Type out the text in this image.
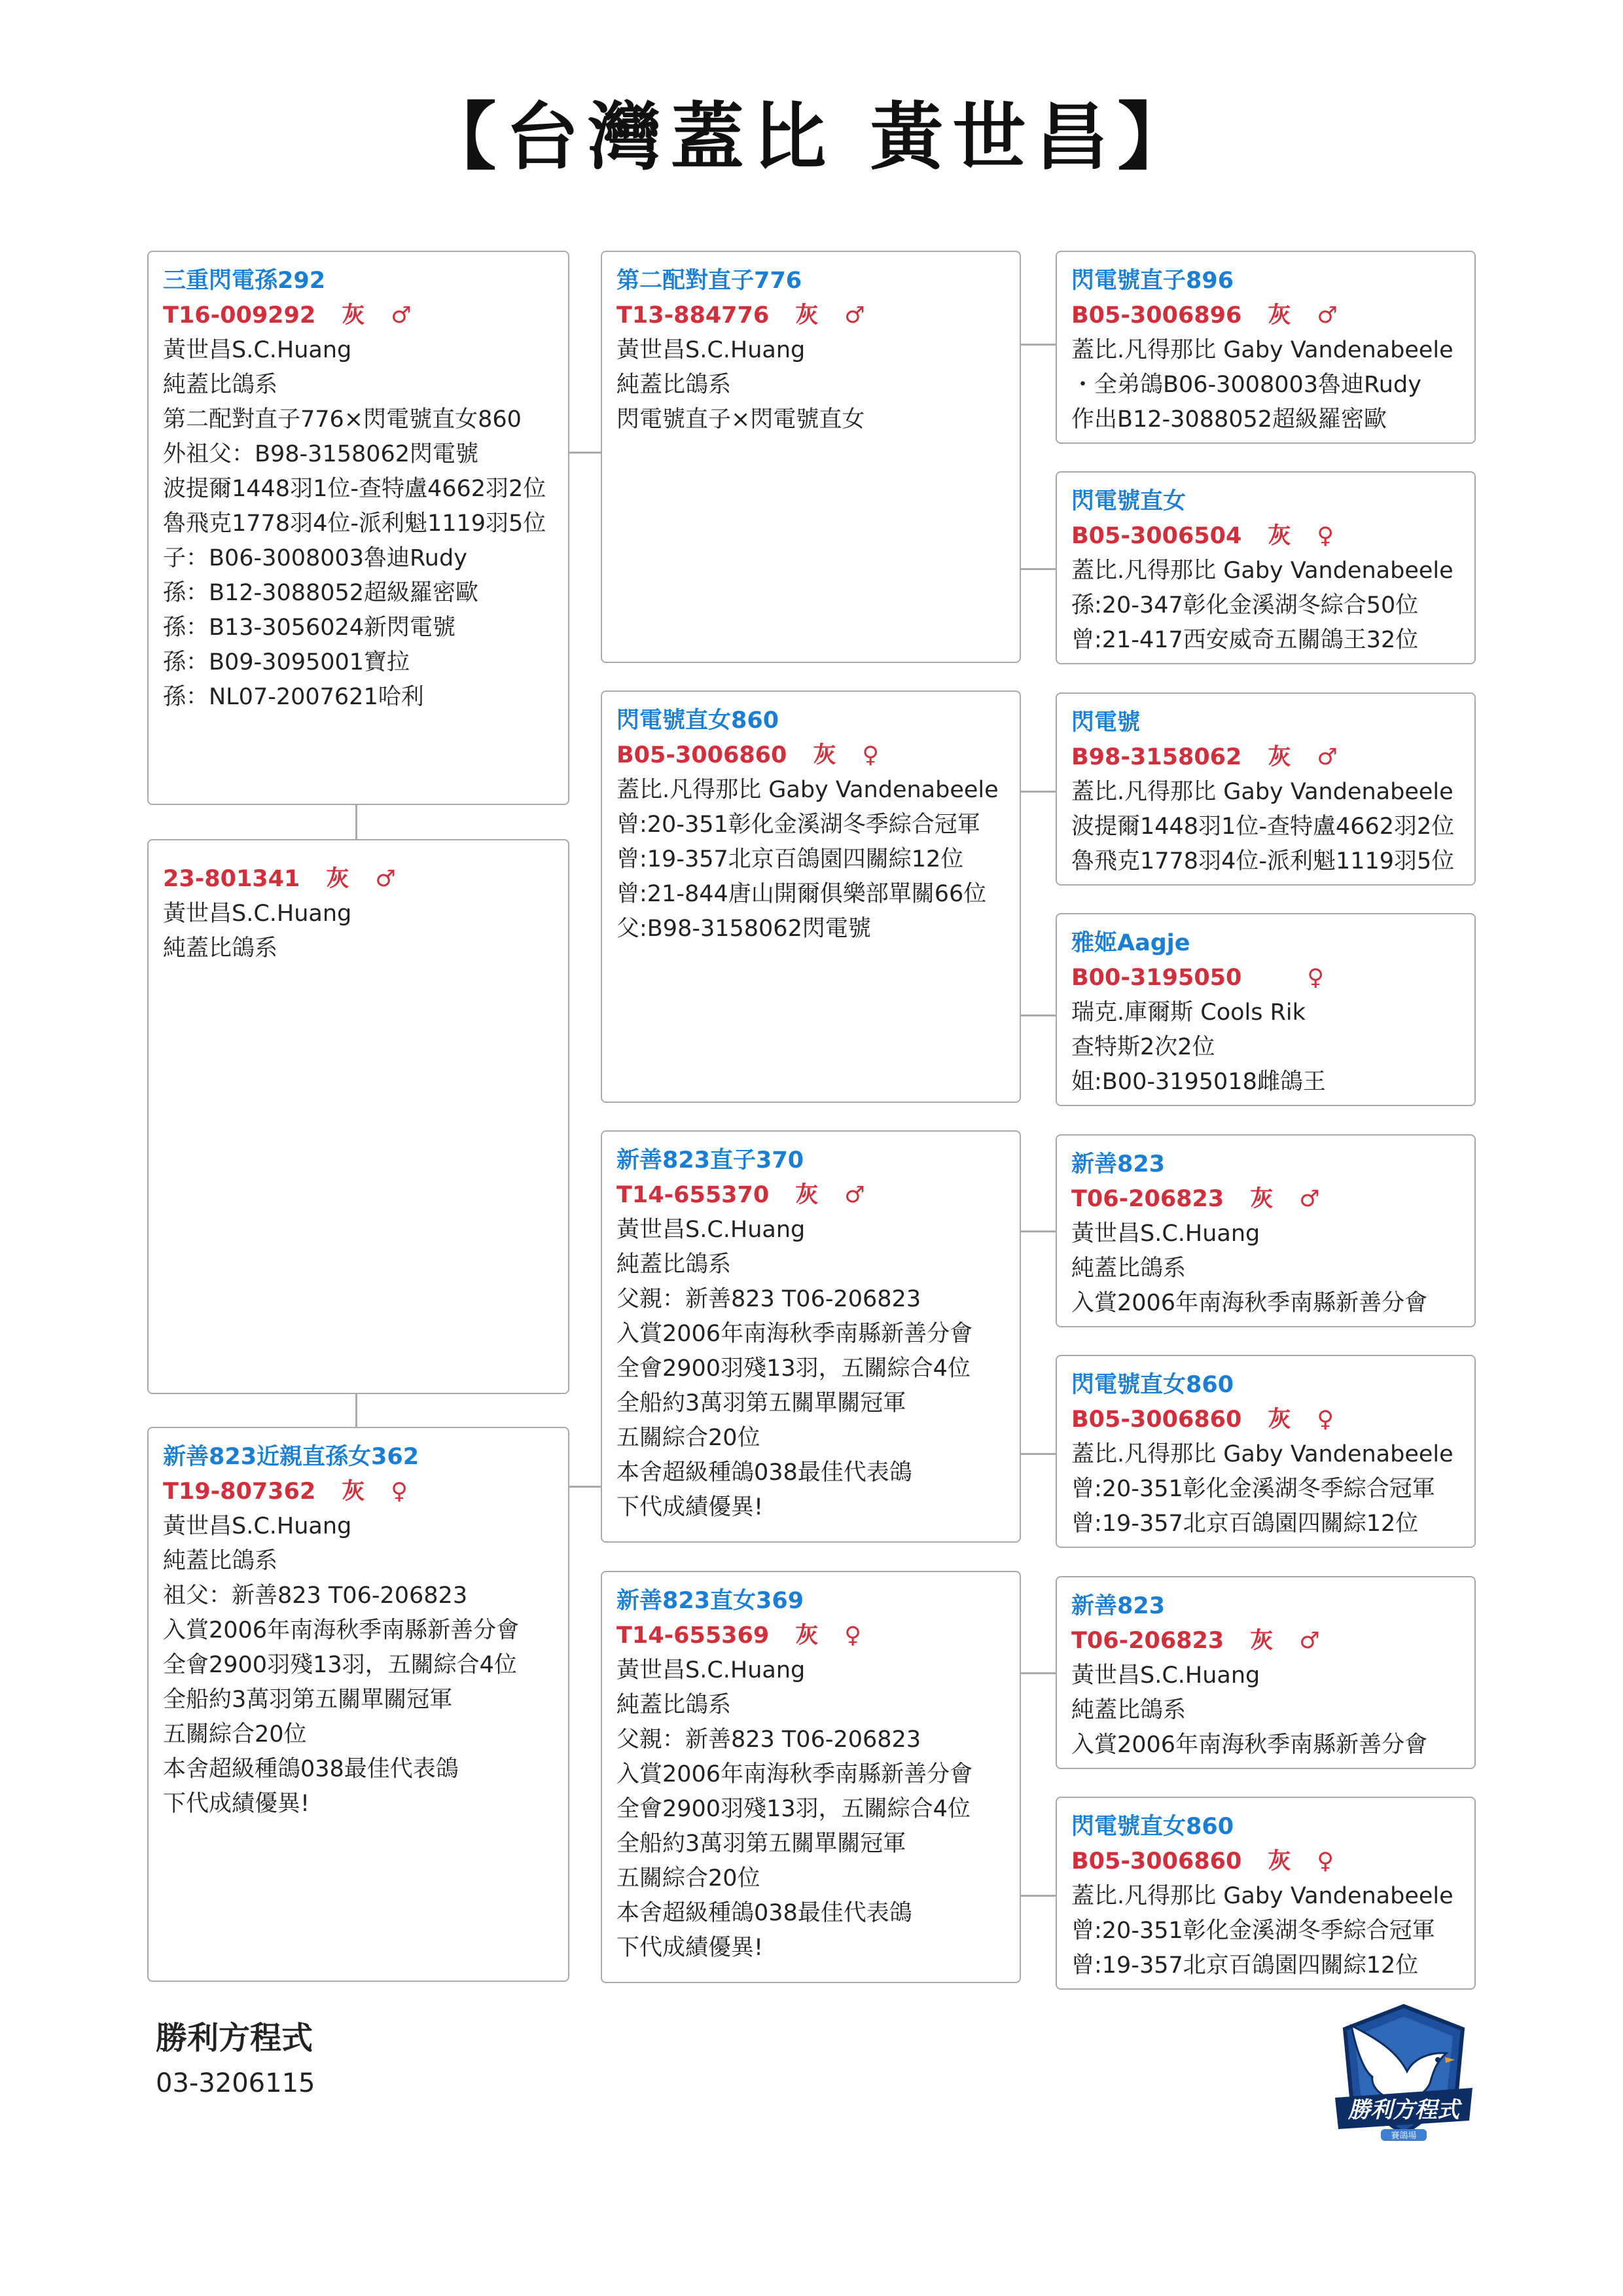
【台灣蓋比 黃世昌】
三重閃電孫292
T16-009292 灰 ♂
黃世昌S.C.Huang
純蓋比鴿系
第二配對直子776×閃電號直女860
外祖父：B98-3158062閃電號
波提爾1448羽1位-查特盧4662羽2位
魯飛克1778羽4位-派利魁1119羽5位
子：B06-3008003魯迪Rudy
孫：B12-3088052超級羅密歐
孫：B13-3056024新閃電號
孫：B09-3095001寶拉
孫：NL07-2007621哈利
23-801341 灰 ♂
黃世昌S.C.Huang
純蓋比鴿系
新善823近親直孫女362
T19-807362 灰 ♀
黃世昌S.C.Huang
純蓋比鴿系
祖父：新善823 T06-206823
入賞2006年南海秋季南縣新善分會
全會2900羽殘13羽，五關綜合4位
全船約3萬羽第五關單關冠軍
五關綜合20位
本舍超級種鴿038最佳代表鴿
下代成績優異!
第二配對直子776
T13-884776 灰 ♂
黃世昌S.C.Huang
純蓋比鴿系
閃電號直子×閃電號直女
閃電號直女860
B05-3006860 灰 ♀
蓋比.凡得那比 Gaby Vandenabeele
曾:20-351彰化金溪湖冬季綜合冠軍
曾:19-357北京百鴿園四關綜12位
曾:21-844唐山開爾俱樂部單關66位
父:B98-3158062閃電號
新善823直子370
T14-655370 灰 ♂
黃世昌S.C.Huang
純蓋比鴿系
父親：新善823 T06-206823
入賞2006年南海秋季南縣新善分會
全會2900羽殘13羽，五關綜合4位
全船約3萬羽第五關單關冠軍
五關綜合20位
本舍超級種鴿038最佳代表鴿
下代成績優異!
新善823直女369
T14-655369 灰 ♀
黃世昌S.C.Huang
純蓋比鴿系
父親：新善823 T06-206823
入賞2006年南海秋季南縣新善分會
全會2900羽殘13羽，五關綜合4位
全船約3萬羽第五關單關冠軍
五關綜合20位
本舍超級種鴿038最佳代表鴿
下代成績優異!
閃電號直子896
B05-3006896 灰 ♂
蓋比.凡得那比 Gaby Vandenabeele
・全弟鴿B06-3008003魯迪Rudy
作出B12-3088052超級羅密歐
閃電號直女
B05-3006504 灰 ♀
蓋比.凡得那比 Gaby Vandenabeele
孫:20-347彰化金溪湖冬綜合50位
曾:21-417西安威奇五關鴿王32位
閃電號
B98-3158062 灰 ♂
蓋比.凡得那比 Gaby Vandenabeele
波提爾1448羽1位-查特盧4662羽2位
魯飛克1778羽4位-派利魁1119羽5位
雅姬Aagje
B00-3195050	♀
瑞克.庫爾斯 Cools Rik
查特斯2次2位
姐:B00-3195018雌鴿王
新善823
T06-206823 灰 ♂
黃世昌S.C.Huang
純蓋比鴿系
入賞2006年南海秋季南縣新善分會
閃電號直女860
B05-3006860 灰 ♀
蓋比.凡得那比 Gaby Vandenabeele
曾:20-351彰化金溪湖冬季綜合冠軍
曾:19-357北京百鴿園四關綜12位
新善823
T06-206823 灰 ♂
黃世昌S.C.Huang
純蓋比鴿系
入賞2006年南海秋季南縣新善分會
閃電號直女860
B05-3006860 灰 ♀
蓋比.凡得那比 Gaby Vandenabeele
曾:20-351彰化金溪湖冬季綜合冠軍
曾:19-357北京百鴿園四關綜12位
勝利方程式
03-3206115
勝利方程式
賽鴿場
